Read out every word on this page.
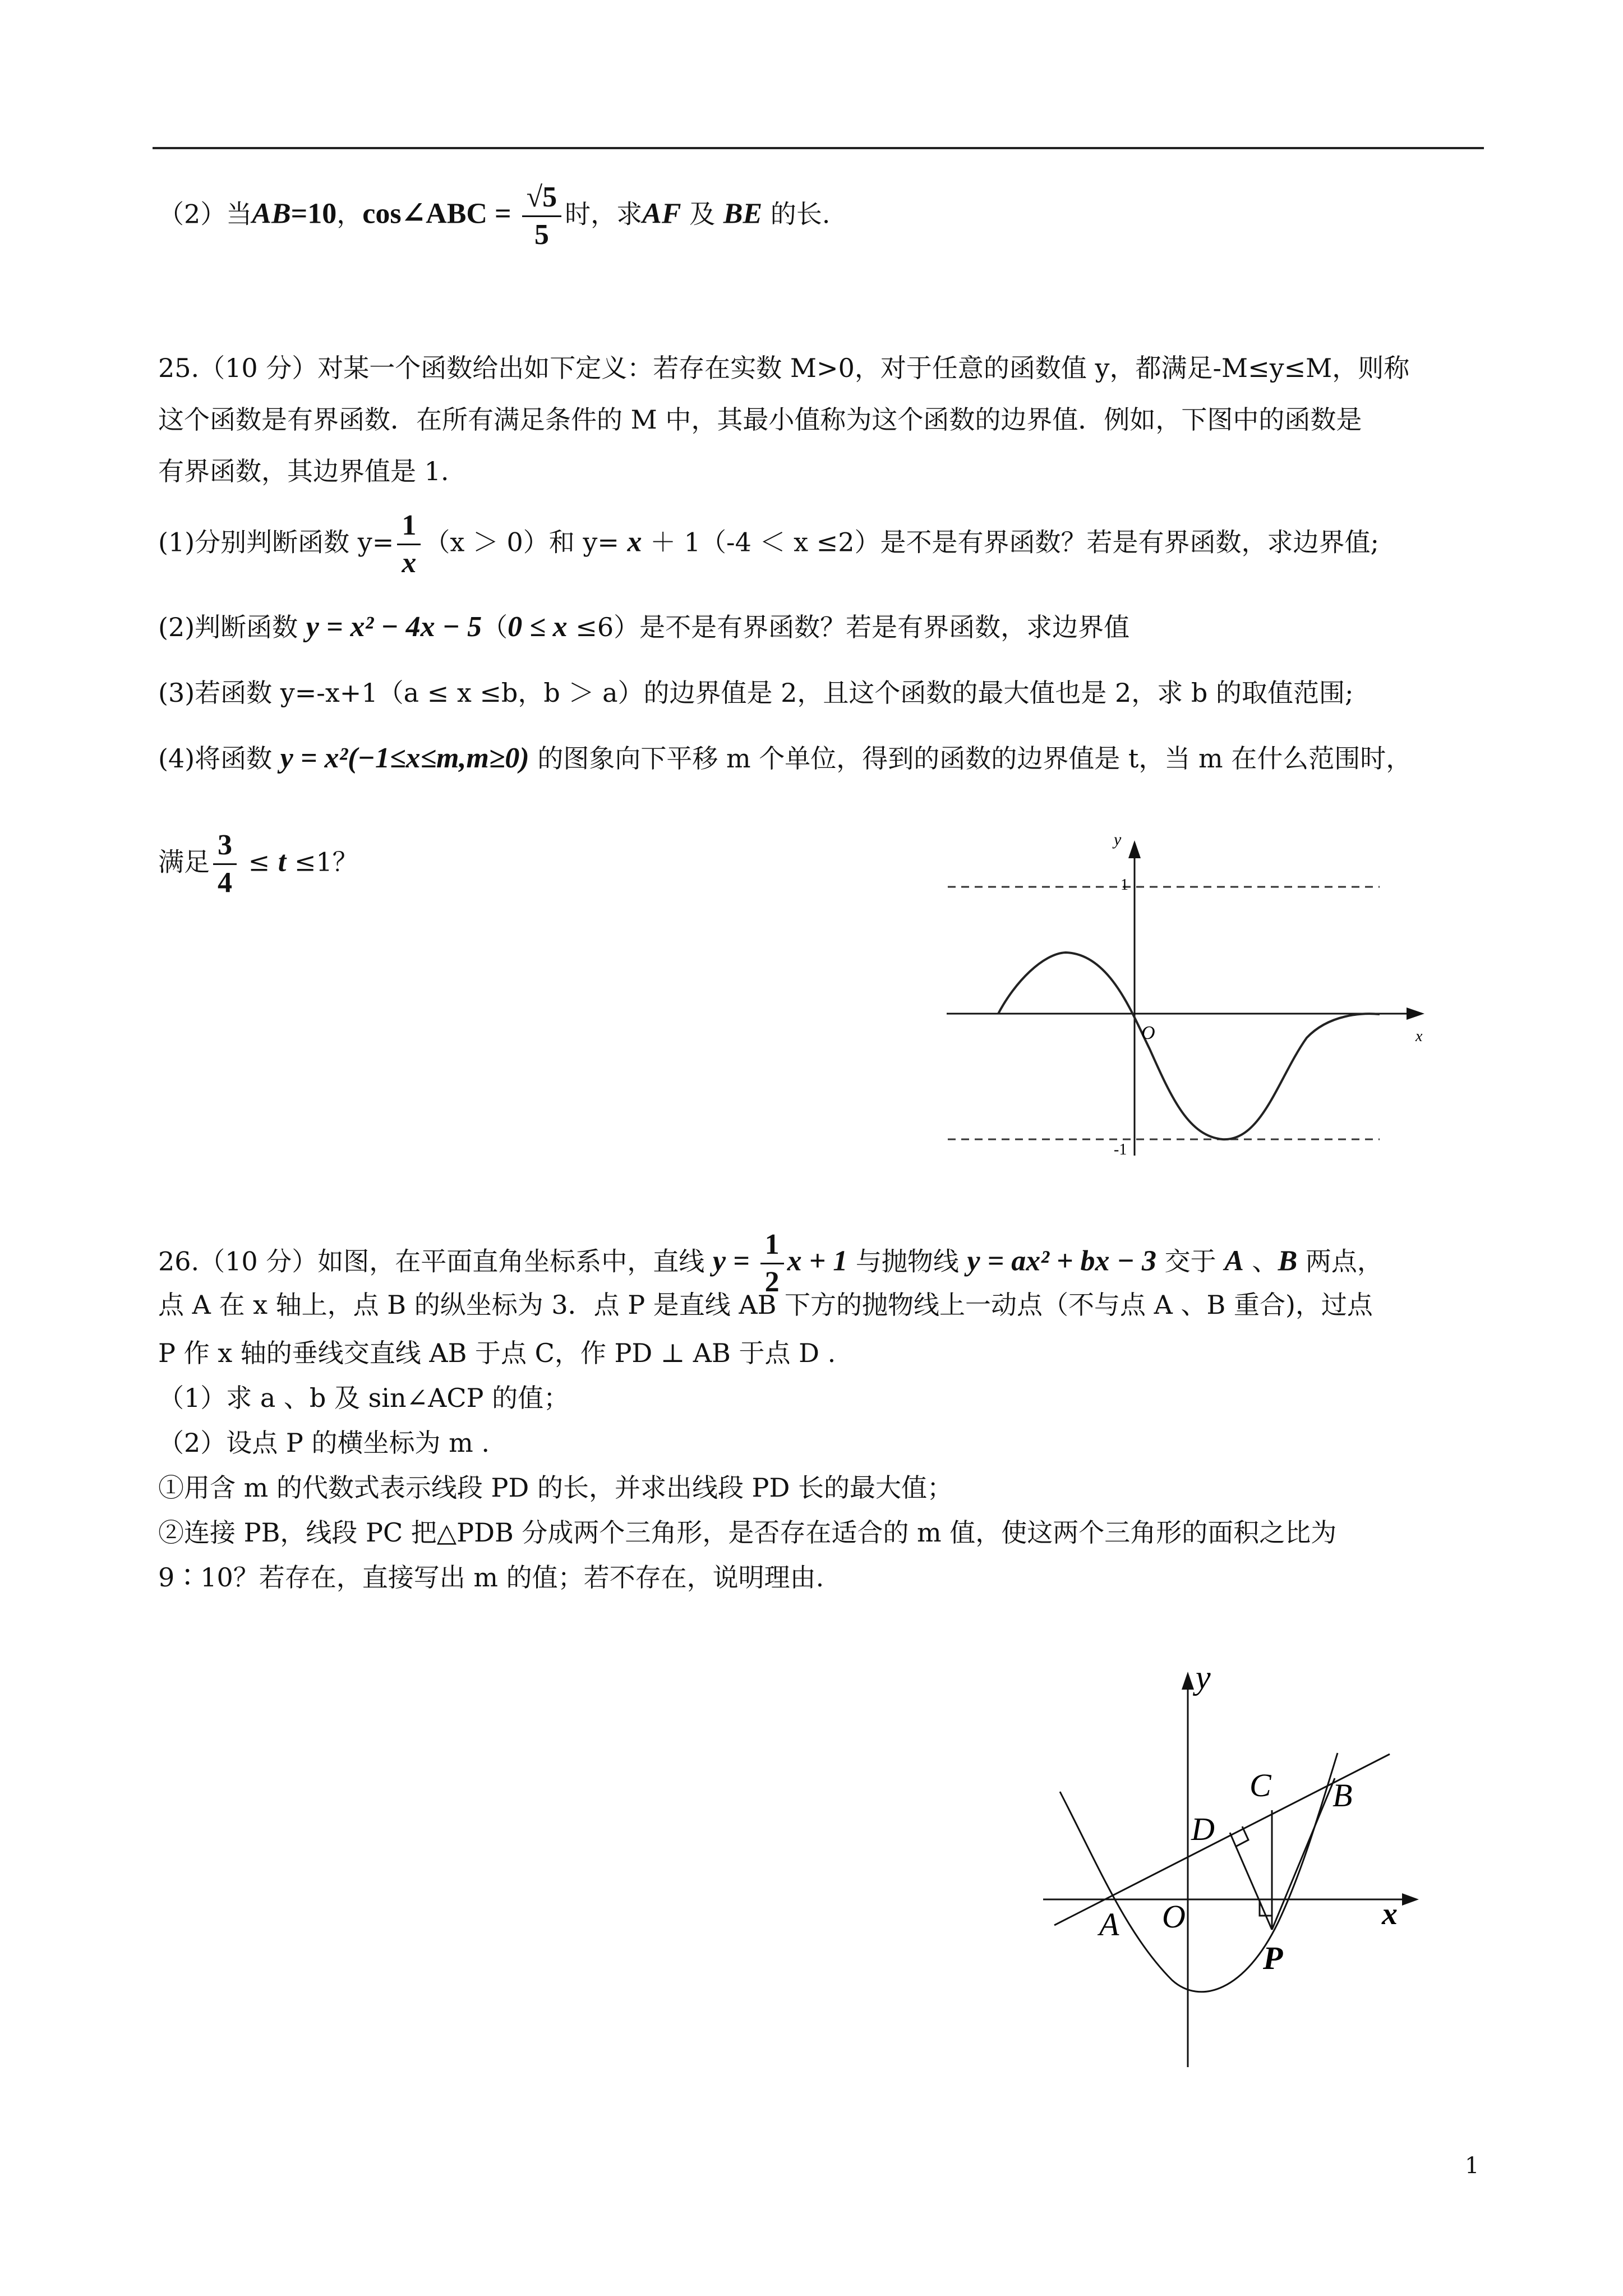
（2）当AB=10，cos∠ABC = $\frac{√5}{5}$ 时，求AF 及 BE 的长.
25.（10 分）对某一个函数给出如下定义：若存在实数 M>0，对于任意的函数值 y，都满足-M≤y≤M，则称
这个函数是有界函数．在所有满足条件的 M 中，其最小值称为这个函数的边界值．例如，下图中的函数是
有界函数，其边界值是 1.
(1)分别判断函数 $y= \frac{1}{x} (x > 0)$和 y= x ＋ 1（-4 ＜ x ≤2）是不是有界函数？若是有界函数，求边界值;
(2)判断函数 y = x² − 4x − 5（0 ≤ x ≤6）是不是有界函数？若是有界函数，求边界值
(3)若函数 y=-x+1（a ≤ x ≤b，b ＞ a）的边界值是 2，且这个函数的最大值也是 2，求 b 的取值范围;
(4)将函数 y = x²(−1≤x≤m,m≥0) 的图象向下平移 m 个单位，得到的函数的边界值是 t，当 m 在什么范围时，
满足 $\frac{3}{4} \le t \le 1$？
y
x
O
1
-1
26.（10 分）如图，在平面直角坐标系中，直线 $y = \frac{1}{2}$ x + 1 与抛物线 y = ax² + bx − 3 交于 A 、B 两点，
点 A 在 x 轴上，点 B 的纵坐标为 3．点 P 是直线 AB 下方的抛物线上一动点（不与点 A 、B 重合)，过点
P 作 x 轴的垂线交直线 AB 于点 C，作 PD ⊥ AB 于点 D .
（1）求 a 、b 及 sin∠ACP 的值；
（2）设点 P 的横坐标为 m .
①用含 m 的代数式表示线段 PD 的长，并求出线段 PD 长的最大值；
②连接 PB，线段 PC 把△PDB 分成两个三角形，是否存在适合的 m 值，使这两个三角形的面积之比为
9∶10？若存在，直接写出 m 的值；若不存在，说明理由.
y
x
A O
B
C
D
P
1
